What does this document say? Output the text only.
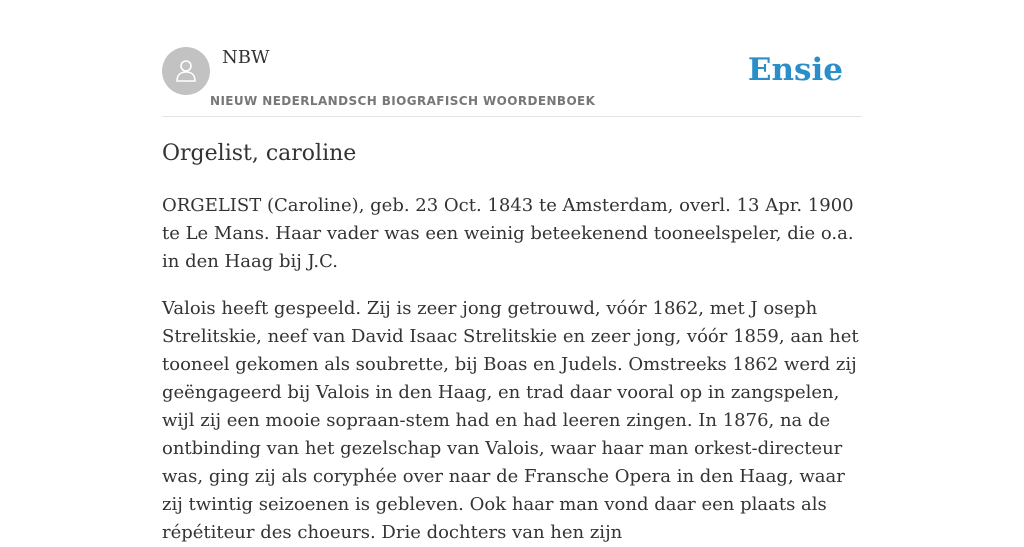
NBW
NIEUW NEDERLANDSCH BIOGRAFISCH WOORDENBOEK
Ensie
Orgelist, caroline

ORGELIST (Caroline), geb. 23 Oct. 1843 te Amsterdam, overl. 13 Apr. 1900 te Le Mans. Haar vader was een weinig beteekenend tooneelspeler, die o.a. in den Haag bij J.C.

Valois heeft gespeeld. Zij is zeer jong getrouwd, vóór 1862, met J oseph Strelitskie, neef van David Isaac Strelitskie en zeer jong, vóór 1859, aan het tooneel gekomen als soubrette, bij Boas en Judels. Omstreeks 1862 werd zij geëngageerd bij Valois in den Haag, en trad daar vooral op in zangspelen, wijl zij een mooie sopraan-stem had en had leeren zingen. In 1876, na de ontbinding van het gezelschap van Valois, waar haar man orkest-directeur was, ging zij als coryphée over naar de Fransche Opera in den Haag, waar zij twintig seizoenen is gebleven. Ook haar man vond daar een plaats als répétiteur des choeurs. Drie dochters van hen zijn
